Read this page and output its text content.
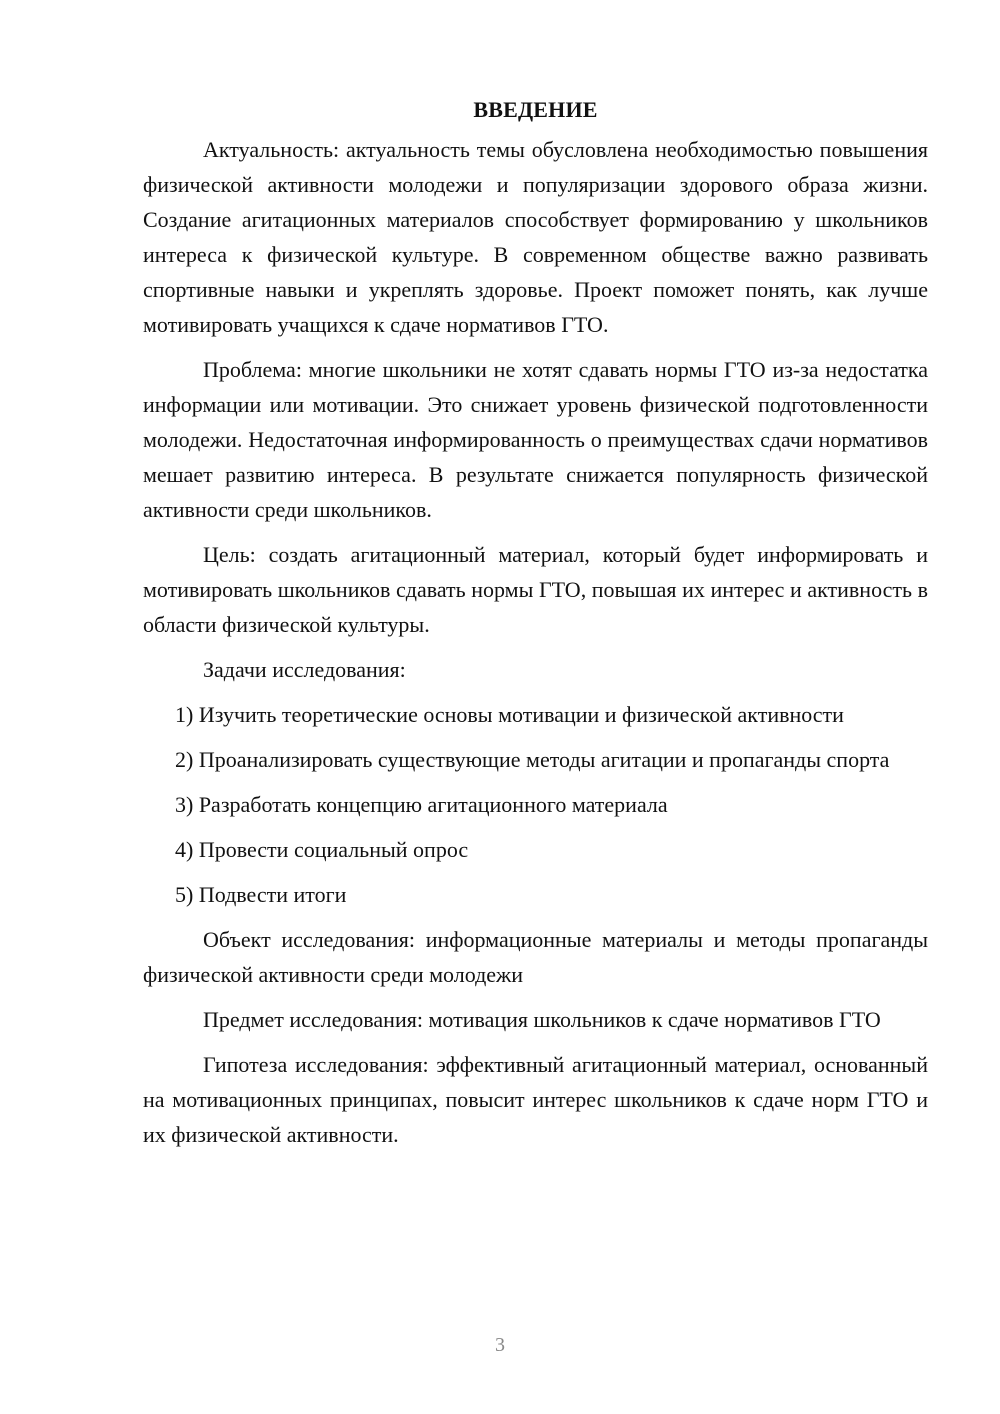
ВВЕДЕНИЕ

Актуальность: актуальность темы обусловлена необходимостью повышения физической активности молодежи и популяризации здорового образа жизни. Создание агитационных материалов способствует формированию у школьников интереса к физической культуре. В современном обществе важно развивать спортивные навыки и укреплять здоровье. Проект поможет понять, как лучше мотивировать учащихся к сдаче нормативов ГТО.

Проблема: многие школьники не хотят сдавать нормы ГТО из-за недостатка информации или мотивации. Это снижает уровень физической подготовленности молодежи. Недостаточная информированность о преимуществах сдачи нормативов мешает развитию интереса. В результате снижается популярность физической активности среди школьников.

Цель: создать агитационный материал, который будет информировать и мотивировать школьников сдавать нормы ГТО, повышая их интерес и активность в области физической культуры.

Задачи исследования:

1) Изучить теоретические основы мотивации и физической активности

2) Проанализировать существующие методы агитации и пропаганды спорта

3) Разработать концепцию агитационного материала

4) Провести социальный опрос

5) Подвести итоги

Объект исследования: информационные материалы и методы пропаганды физической активности среди молодежи

Предмет исследования: мотивация школьников к сдаче нормативов ГТО

Гипотеза исследования: эффективный агитационный материал, основанный на мотивационных принципах, повысит интерес школьников к сдаче норм ГТО и их физической активности.

3
